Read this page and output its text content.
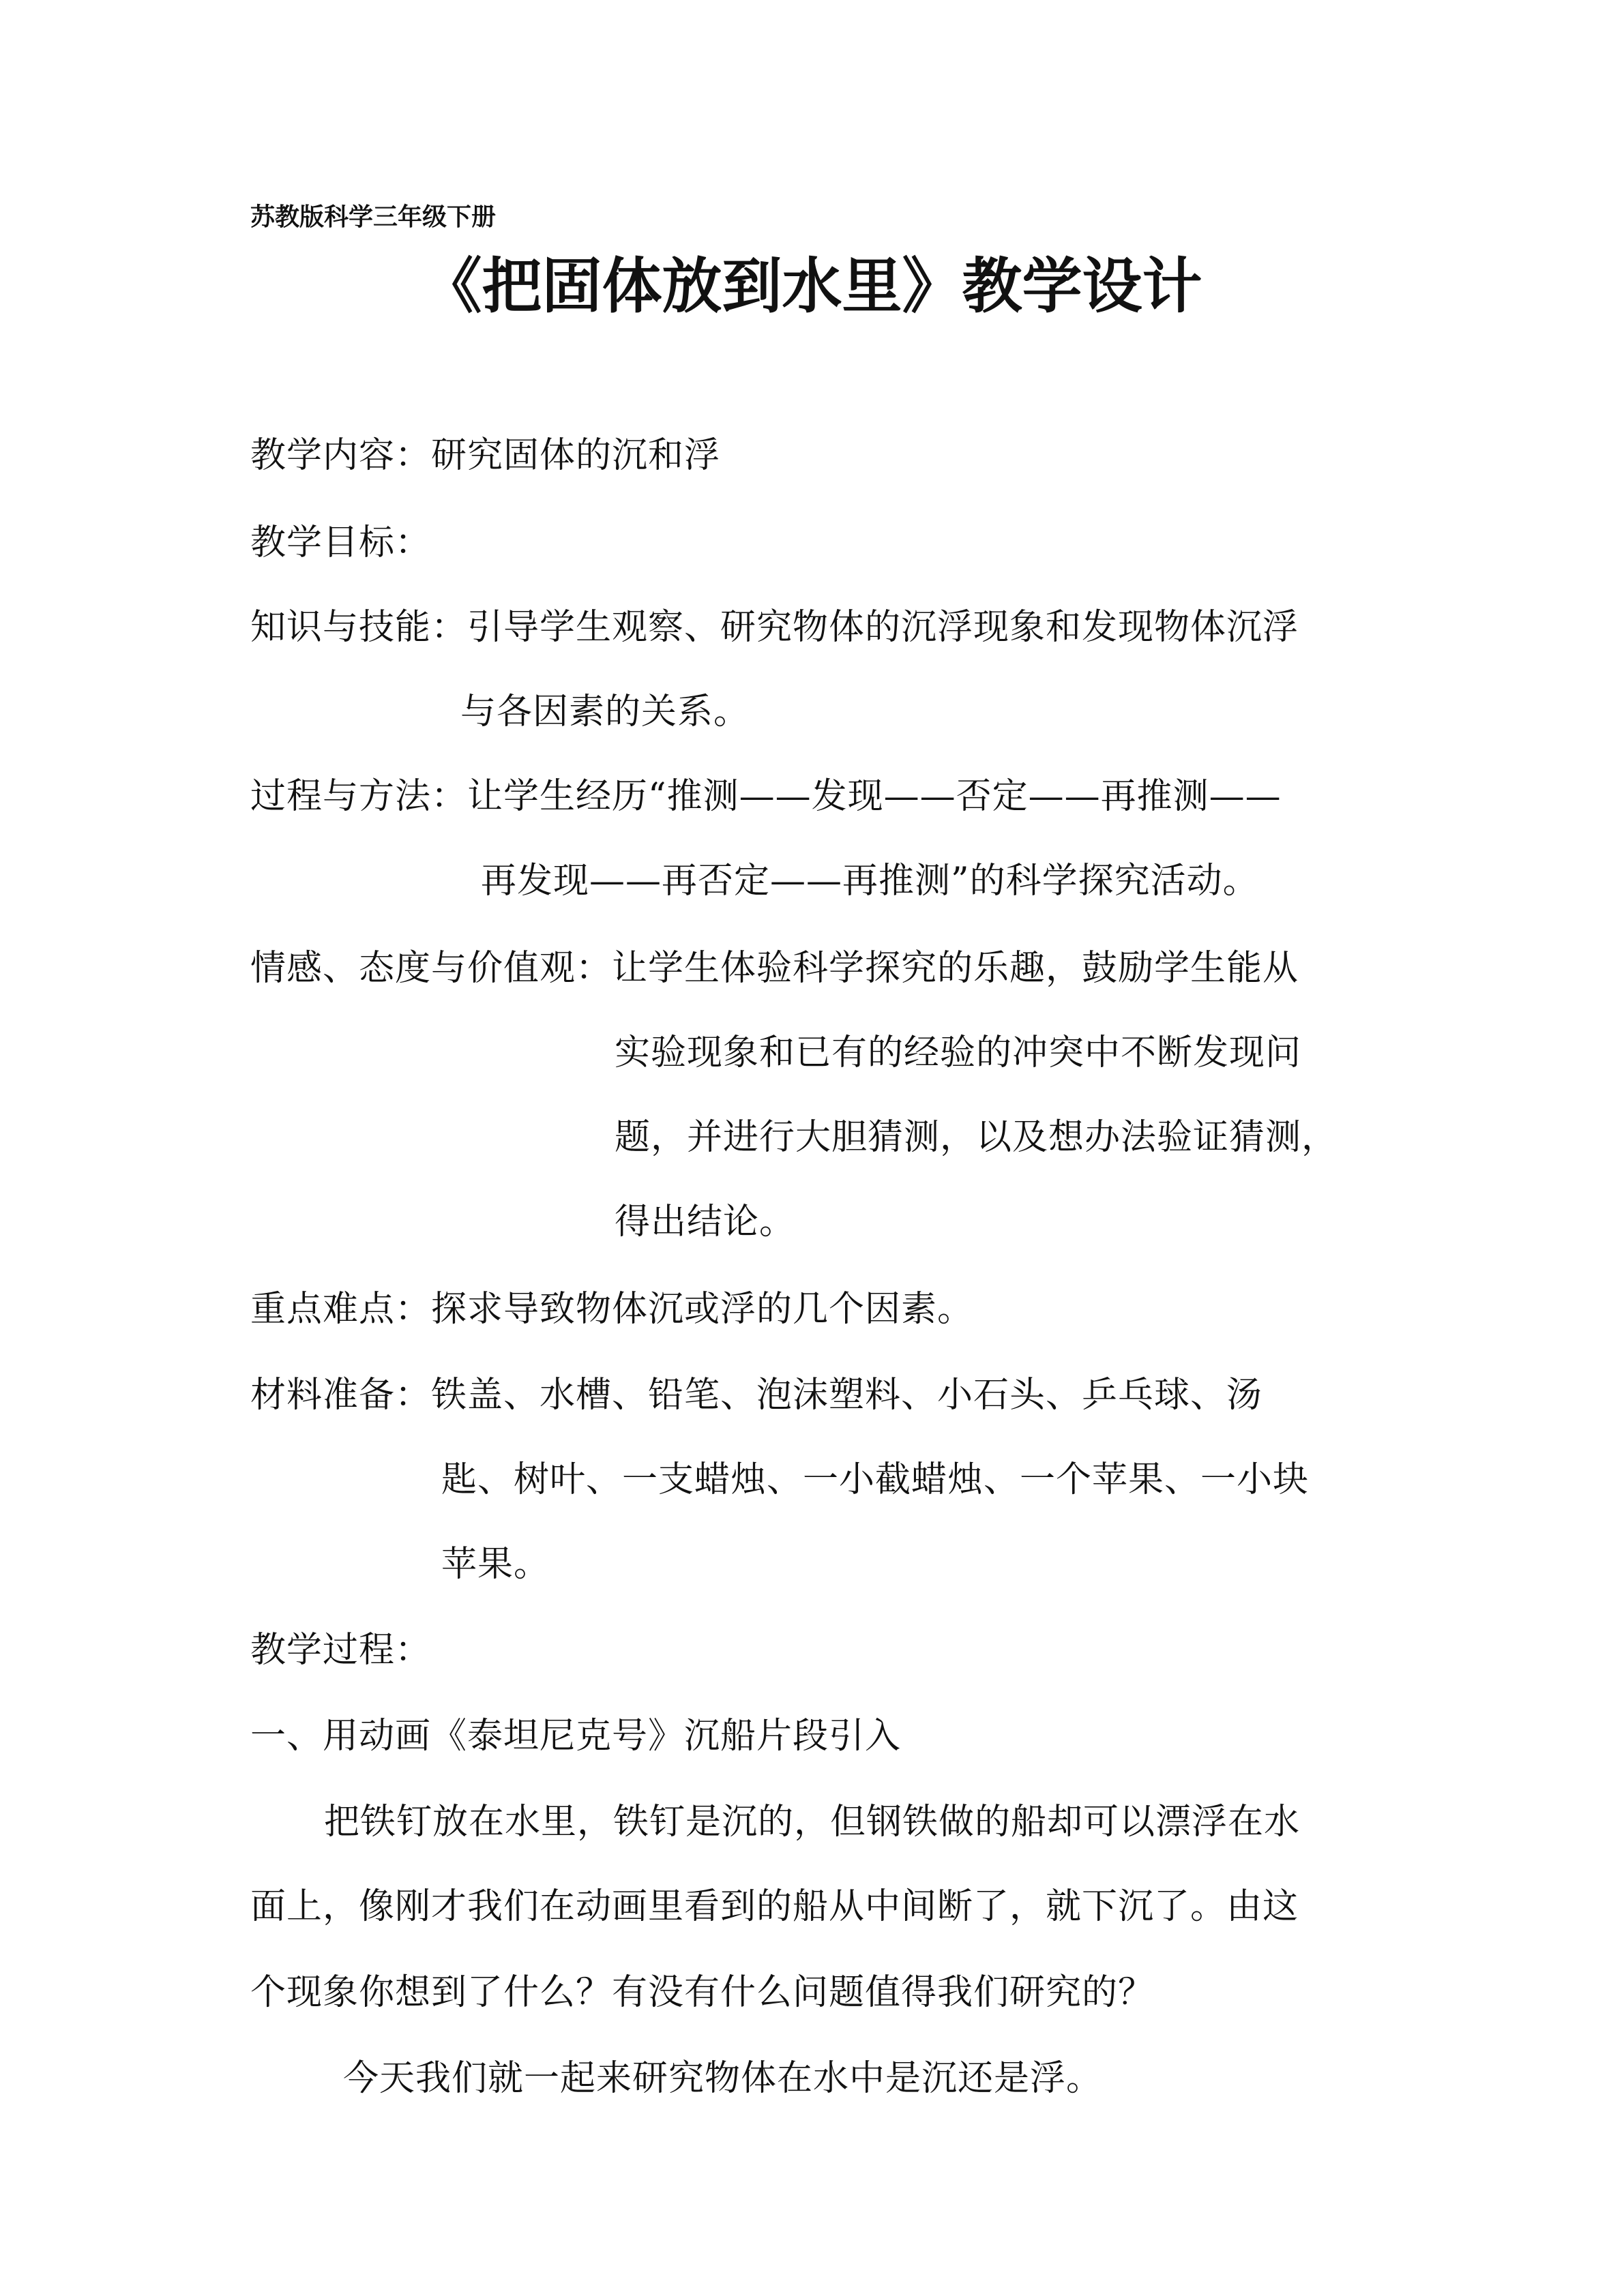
苏教版科学三年级下册
《把固体放到水里》教学设计
教学内容：研究固体的沉和浮
教学目标：
知识与技能：引导学生观察、研究物体的沉浮现象和发现物体沉浮
与各因素的关系。
过程与方法：让学生经历“推测——发现——否定——再推测——
再发现——再否定——再推测”的科学探究活动。
情感、态度与价值观：让学生体验科学探究的乐趣，鼓励学生能从
实验现象和已有的经验的冲突中不断发现问
题，并进行大胆猜测，以及想办法验证猜测，
得出结论。
重点难点：探求导致物体沉或浮的几个因素。
材料准备：铁盖、水槽、铅笔、泡沫塑料、小石头、乒乓球、汤
匙、树叶、一支蜡烛、一小截蜡烛、一个苹果、一小块
苹果。
教学过程：
一、用动画《泰坦尼克号》沉船片段引入
把铁钉放在水里，铁钉是沉的，但钢铁做的船却可以漂浮在水
面上，像刚才我们在动画里看到的船从中间断了，就下沉了。由这
个现象你想到了什么？有没有什么问题值得我们研究的？
今天我们就一起来研究物体在水中是沉还是浮。
